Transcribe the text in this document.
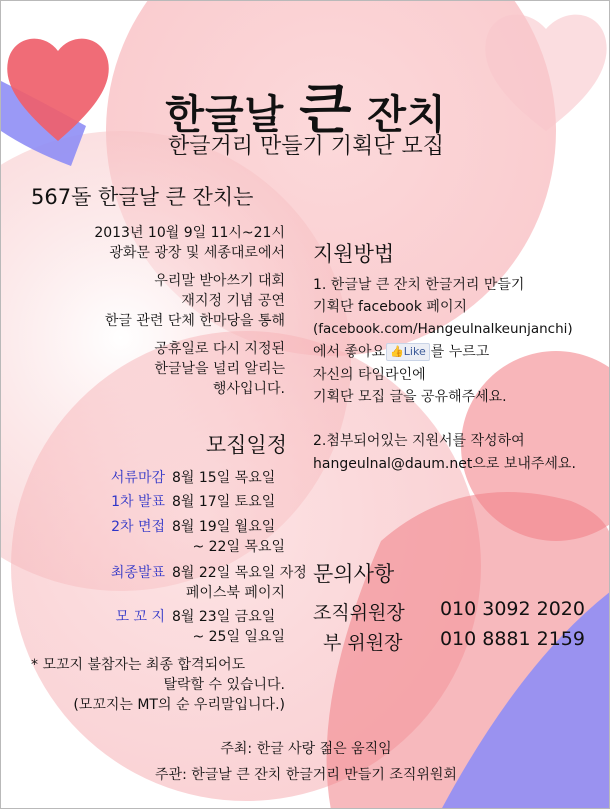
한글날 큰 잔치
한글거리 만들기 기획단 모집
567돌 한글날 큰 잔치는
2013년 10월 9일 11시~21시
광화문 광장 및 세종대로에서
우리말 받아쓰기 대회
재지정 기념 공연
한글 관련 단체 한마당을 통해
공휴일로 다시 지정된
한글날을 널리 알리는
행사입니다.
모집일정
서류마감 8월 15일 목요일
1차 발표 8월 17일 토요일
2차 면접 8월 19일 월요일
~ 22일 목요일
최종발표 8월 22일 목요일 자정
페이스북 페이지
모 꼬 지 8월 23일 금요일
~ 25일 일요일
* 모꼬지 불참자는 최종 합격되어도
탈락할 수 있습니다.
(모꼬지는 MT의 순 우리말입니다.)
지원방법
1. 한글날 큰 잔치 한글거리 만들기
기획단 facebook 페이지
(facebook.com/Hangeulnalkeunjanchi)
에서 좋아요 👍Like 를 누르고
자신의 타임라인에
기획단 모집 글을 공유해주세요.
2.첨부되어있는 지원서를 작성하여
hangeulnal@daum.net으로 보내주세요.
문의사항
조직위원장 010 3092 2020
부 위원장 010 8881 2159
주최: 한글 사랑 젊은 움직임
주관: 한글날 큰 잔치 한글거리 만들기 조직위원회
